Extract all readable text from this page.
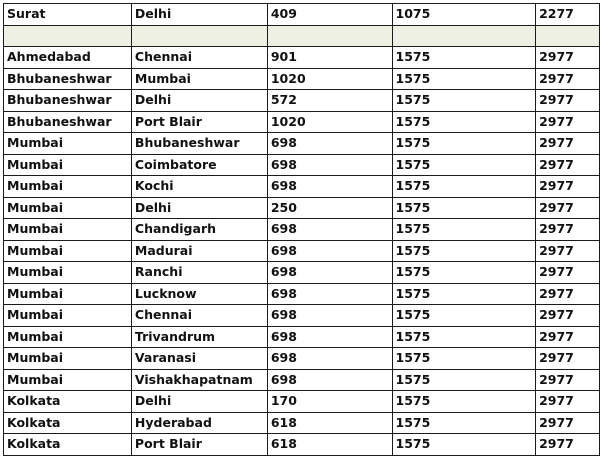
Surat	Delhi	409	1075	2277

Ahmedabad	Chennai	901	1575	2977
Bhubaneshwar	Mumbai	1020	1575	2977
Bhubaneshwar	Delhi	572	1575	2977
Bhubaneshwar	Port Blair	1020	1575	2977
Mumbai	Bhubaneshwar	698	1575	2977
Mumbai	Coimbatore	698	1575	2977
Mumbai	Kochi	698	1575	2977
Mumbai	Delhi	250	1575	2977
Mumbai	Chandigarh	698	1575	2977
Mumbai	Madurai	698	1575	2977
Mumbai	Ranchi	698	1575	2977
Mumbai	Lucknow	698	1575	2977
Mumbai	Chennai	698	1575	2977
Mumbai	Trivandrum	698	1575	2977
Mumbai	Varanasi	698	1575	2977
Mumbai	Vishakhapatnam	698	1575	2977
Kolkata	Delhi	170	1575	2977
Kolkata	Hyderabad	618	1575	2977
Kolkata	Port Blair	618	1575	2977
